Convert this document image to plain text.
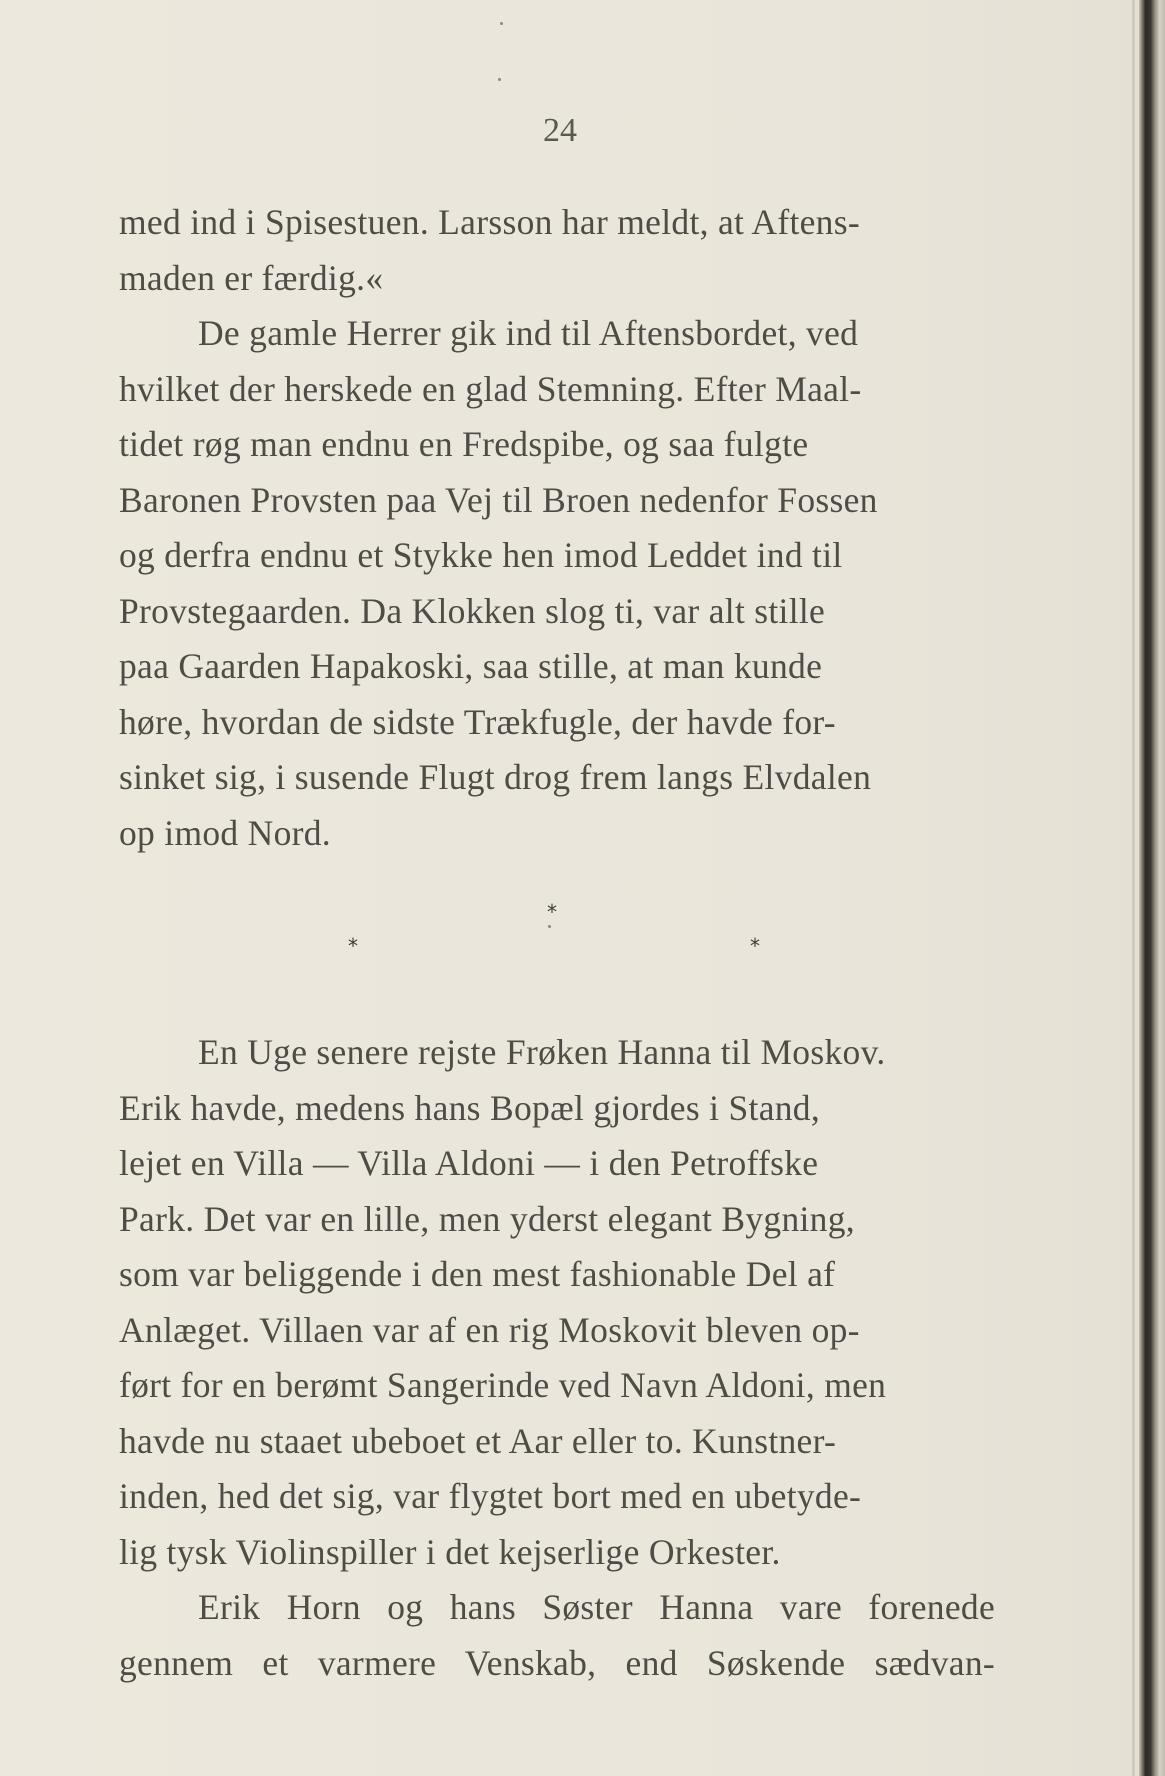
24

med ind i Spisestuen. Larsson har meldt, at Aftens-
maden er færdig.«

De gamle Herrer gik ind til Aftensbordet, ved
hvilket der herskede en glad Stemning. Efter Maal-
tidet røg man endnu en Fredspibe, og saa fulgte
Baronen Provsten paa Vej til Broen nedenfor Fossen
og derfra endnu et Stykke hen imod Leddet ind til
Provstegaarden. Da Klokken slog ti, var alt stille
paa Gaarden Hapakoski, saa stille, at man kunde
høre, hvordan de sidste Trækfugle, der havde for-
sinket sig, i susende Flugt drog frem langs Elvdalen
op imod Nord.

*
*	*

En Uge senere rejste Frøken Hanna til Moskov.
Erik havde, medens hans Bopæl gjordes i Stand,
lejet en Villa — Villa Aldoni — i den Petroffske
Park. Det var en lille, men yderst elegant Bygning,
som var beliggende i den mest fashionable Del af
Anlæget. Villaen var af en rig Moskovit bleven op-
ført for en berømt Sangerinde ved Navn Aldoni, men
havde nu staaet ubeboet et Aar eller to. Kunstner-
inden, hed det sig, var flygtet bort med en ubetyde-
lig tysk Violinspiller i det kejserlige Orkester.

Erik Horn og hans Søster Hanna vare forenede
gennem et varmere Venskab, end Søskende sædvan-
